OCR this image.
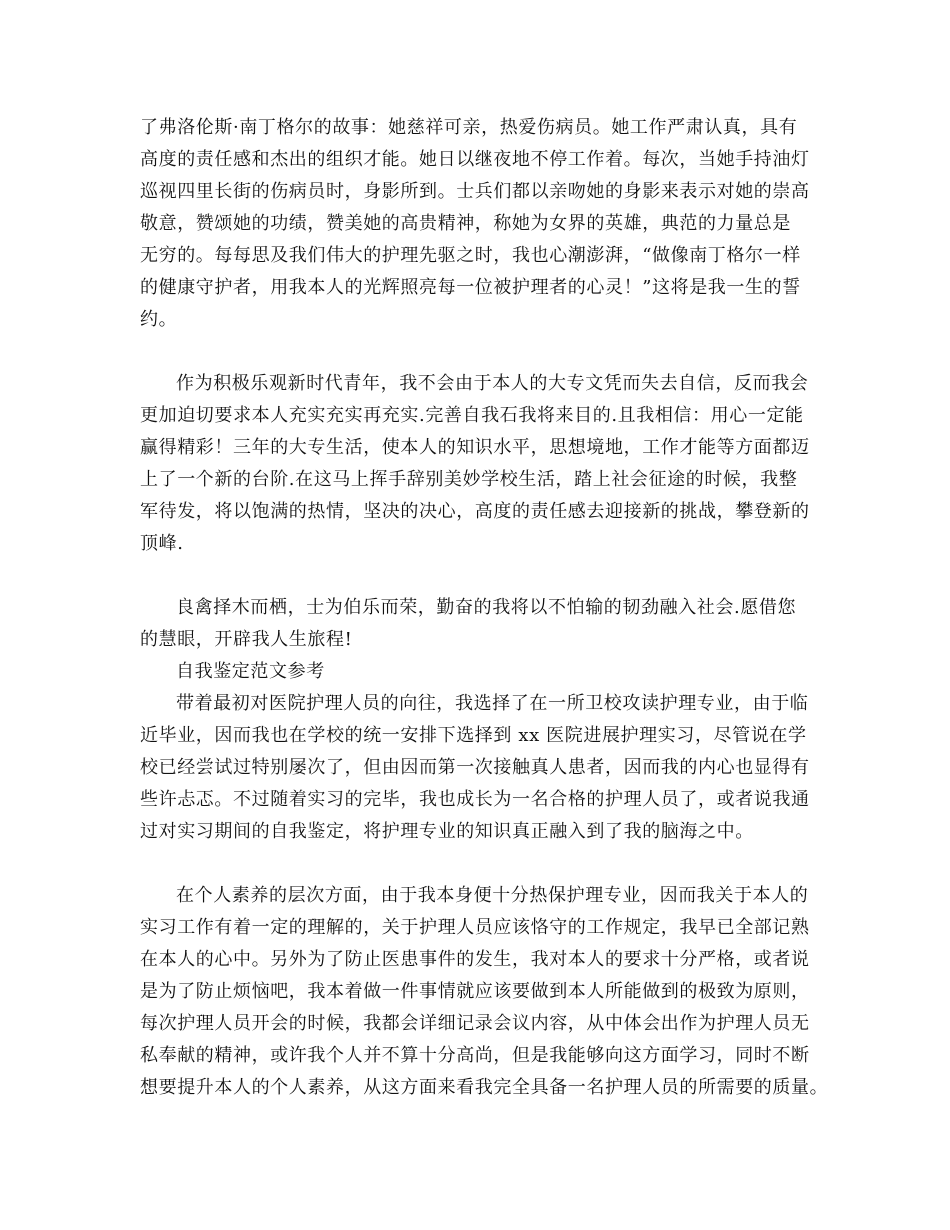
了弗洛伦斯·南丁格尔的故事：她慈祥可亲，热爱伤病员。她工作严肃认真，具有
高度的责任感和杰出的组织才能。她日以继夜地不停工作着。每次，当她手持油灯
巡视四里长街的伤病员时，身影所到。士兵们都以亲吻她的身影来表示对她的崇高
敬意，赞颂她的功绩，赞美她的高贵精神，称她为女界的英雄，典范的力量总是
无穷的。每每思及我们伟大的护理先驱之时，我也心潮澎湃，“做像南丁格尔一样
的健康守护者，用我本人的光辉照亮每一位被护理者的心灵！”这将是我一生的誓
约。
作为积极乐观新时代青年，我不会由于本人的大专文凭而失去自信，反而我会
更加迫切要求本人充实充实再充实.完善自我石我将来目的.且我相信：用心一定能
赢得精彩！三年的大专生活，使本人的知识水平，思想境地，工作才能等方面都迈
上了一个新的台阶.在这马上挥手辞别美妙学校生活，踏上社会征途的时候，我整
军待发，将以饱满的热情，坚决的决心，高度的责任感去迎接新的挑战，攀登新的
顶峰.
良禽择木而栖，士为伯乐而荣，勤奋的我将以不怕输的韧劲融入社会.愿借您
的慧眼，开辟我人生旅程!
自我鉴定范文参考
带着最初对医院护理人员的向往，我选择了在一所卫校攻读护理专业，由于临
近毕业，因而我也在学校的统一安排下选择到 xx 医院进展护理实习，尽管说在学
校已经尝试过特别屡次了，但由因而第一次接触真人患者，因而我的内心也显得有
些许忐忑。不过随着实习的完毕，我也成长为一名合格的护理人员了，或者说我通
过对实习期间的自我鉴定，将护理专业的知识真正融入到了我的脑海之中。
在个人素养的层次方面，由于我本身便十分热保护理专业，因而我关于本人的
实习工作有着一定的理解的，关于护理人员应该恪守的工作规定，我早已全部记熟
在本人的心中。另外为了防止医患事件的发生，我对本人的要求十分严格，或者说
是为了防止烦恼吧，我本着做一件事情就应该要做到本人所能做到的极致为原则，
每次护理人员开会的时候，我都会详细记录会议内容，从中体会出作为护理人员无
私奉献的精神，或许我个人并不算十分高尚，但是我能够向这方面学习，同时不断
想要提升本人的个人素养，从这方面来看我完全具备一名护理人员的所需要的质量。
